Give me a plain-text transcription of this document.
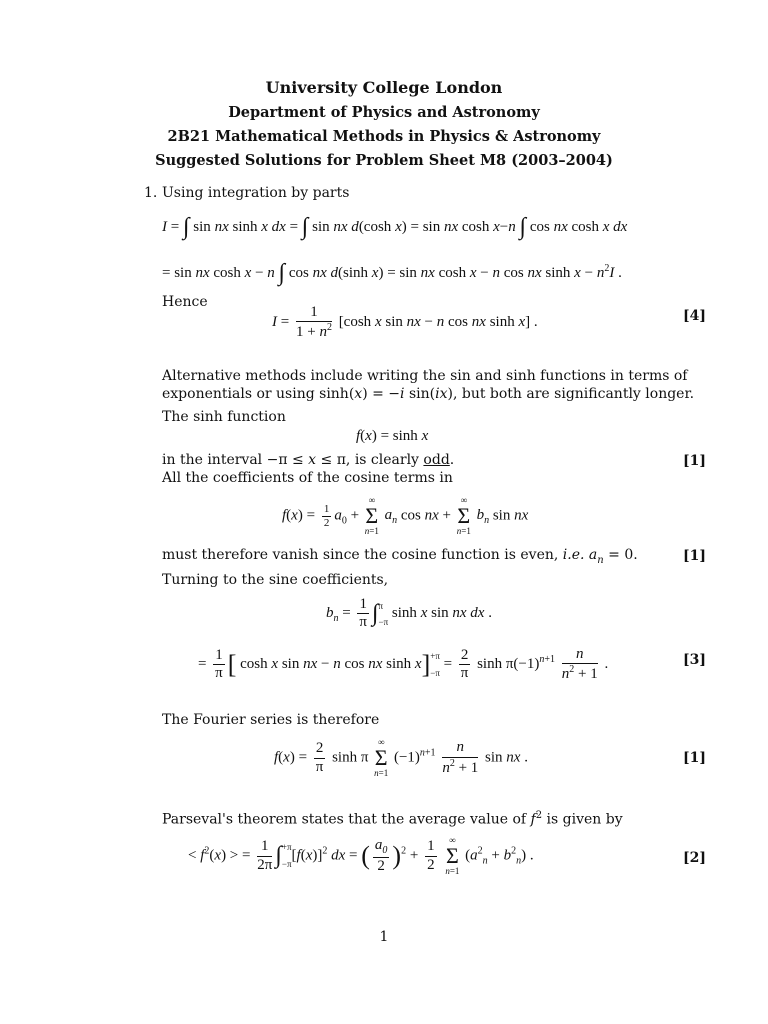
University College London
Department of Physics and Astronomy
2B21 Mathematical Methods in Physics & Astronomy
Suggested Solutions for Problem Sheet M8 (2003–2004)
1. Using integration by parts
I = ∫ sin nx sinh x dx = ∫ sin nx d(cosh x) = sin nx cosh x−n ∫ cos nx cosh x dx
= sin nx cosh x − n ∫ cos nx d(sinh x) = sin nx cosh x − n cos nx $\sinh x - n^2I$ .
Hence
$I = \frac{1}{1 + n^2} [\cosh$ x sin nx − n cos nx sinh x] .	[4]
Alternative methods include writing the sin and sinh functions in terms of
exponentials or using sinh(x) = −i sin(ix), but both are significantly longer.
The sinh function
f(x) = sinh x
in the interval −π ≤ x ≤ π, is clearly odd.	[1]
All the coefficients of the cosine terms in
$f(x) = \frac{1}{2} a_0$ +
∞
Σ
n=1
$a_n$ cos nx +
∞
Σ
n=1
$b_n$ sin nx
must therefore vanish since the cosine function is even, i.e. $a_n = 0$.	[1]
Turning to the sine coefficients,
$b_n = \frac{1}{\pi} \int\pi$
−π sinh x sin nx dx .
= $\frac{1}{\pi}$ [ cosh x sin nx − n cos nx sinh x]+π
$-\pi = \frac{2}{\pi}$ $\sinh \pi(-1)^{n+1} \frac{n}{n^2 + 1}$ .	[3]
The Fourier series is therefore
$f(x) = \frac{2}{\pi}$ sinh π
∞
Σ
n=1
$(-1)^{n+1} \frac{n}{n^2 + 1}$ sin nx .	[1]
Parseval's theorem states that the average value of $f^2$ is given by
< $f^2(x)$ > = $\frac{1}{2\pi} \int+\pi$
$-\pi[f(x)]^2$ dx = ( $\frac{a_0}{2} )^2 + \frac{1}{2}$
	∞
Σ
n=1
$(a^2_n + b^2_n)$ .	[2]
1
